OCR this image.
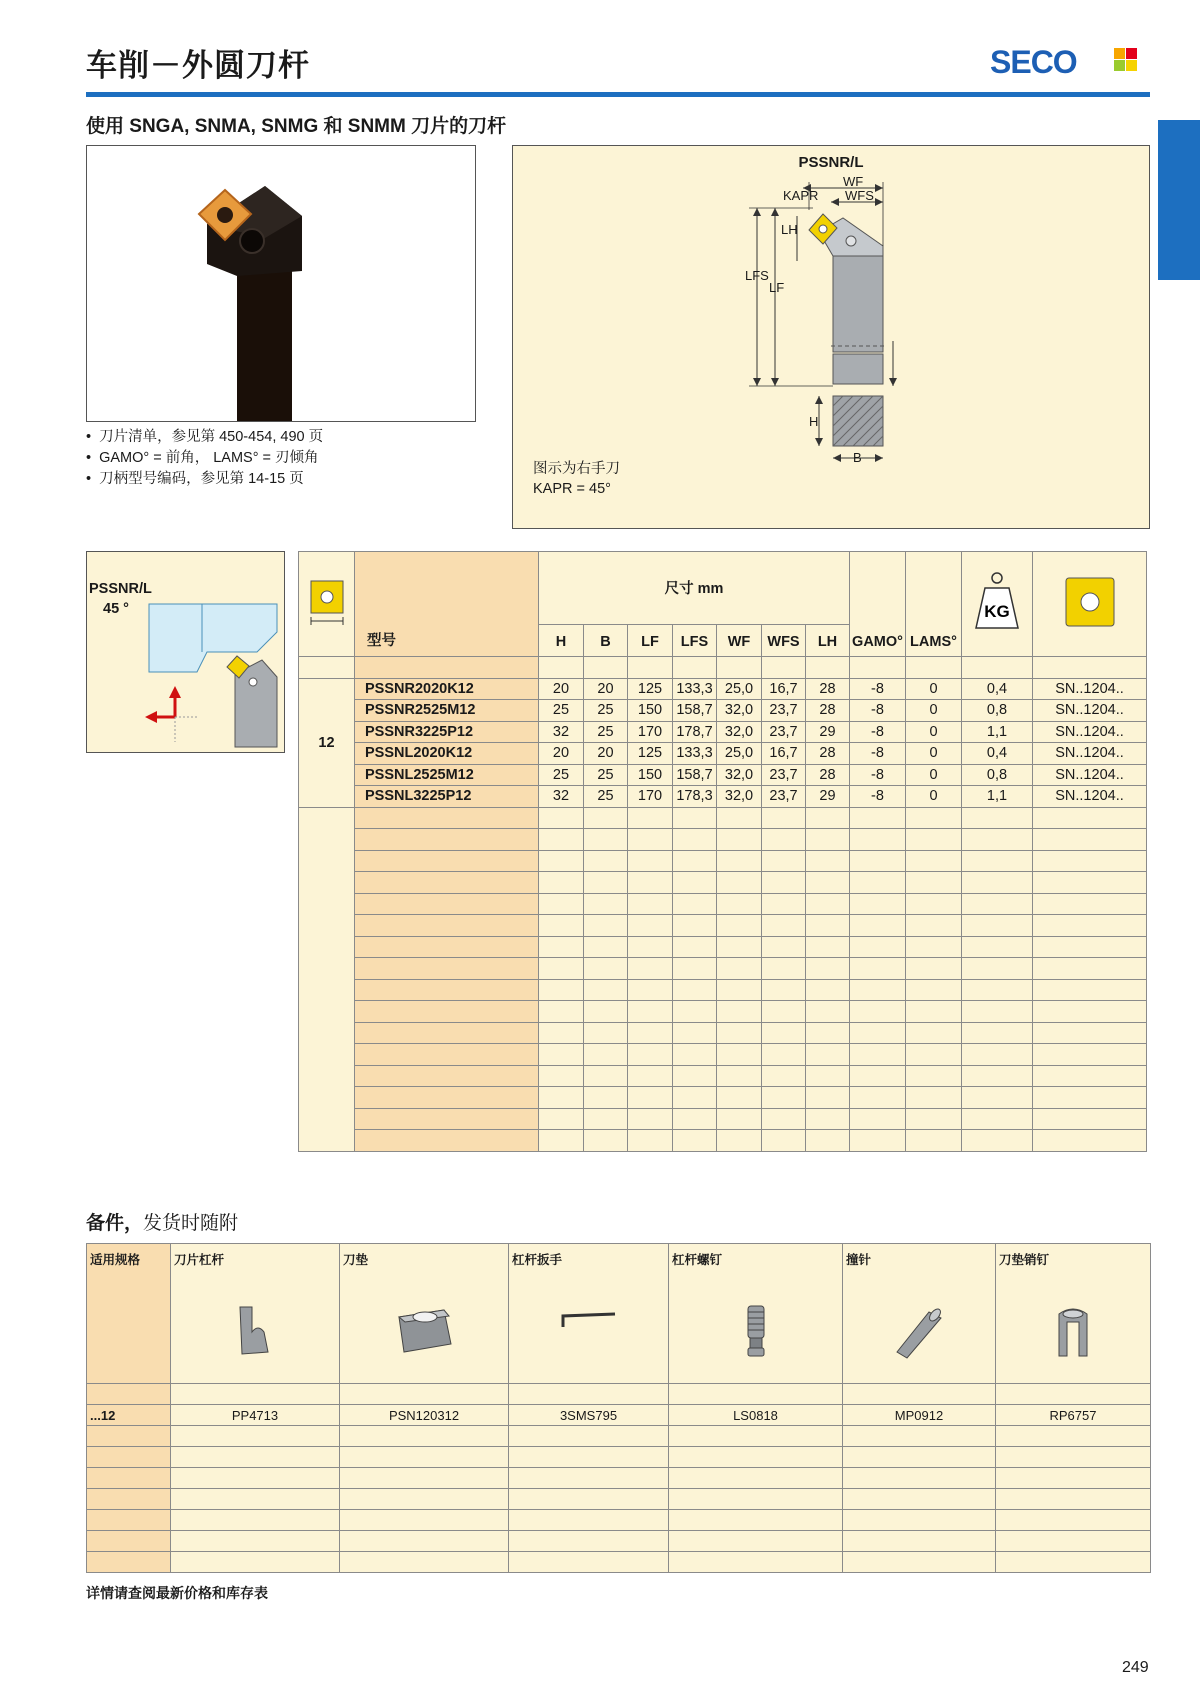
车削－外圆刀杆	SECO
使用 SNGA, SNMA, SNMG 和 SNMM 刀片的刀杆
• 刀片清单，参见第 450-454, 490 页
• GAMO° = 前角， LAMS° = 刃倾角
• 刀柄型号编码，参见第 14-15 页
PSSNR/L
WF
WFS
KAPR
LH
LFS
LF
H
B
图示为右手刀
KAPR = 45°
PSSNR/L
45 °
	型号	尺寸 mm							GAMO°	LAMS°	KG

		H	B	LF	LFS	WF	WFS	LH				

12	PSSNR2020K12	20	20	125	133,3	25,0	16,7	28	-8	0	0,4	SN..1204..
	PSSNR2525M12	25	25	150	158,7	32,0	23,7	28	-8	0	0,8	SN..1204..
	PSSNR3225P12	32	25	170	178,7	32,0	23,7	29	-8	0	1,1	SN..1204..
	PSSNL2020K12	20	20	125	133,3	25,0	16,7	28	-8	0	0,4	SN..1204..
	PSSNL2525M12	25	25	150	158,7	32,0	23,7	28	-8	0	0,8	SN..1204..
	PSSNL3225P12	32	25	170	178,3	32,0	23,7	29	-8	0	1,1	SN..1204..

备件，发货时随附
适用规格	刀片杠杆	刀垫	杠杆扳手	杠杆螺钉	撞针	刀垫销钉

...12	PP4713	PSN120312	3SMS795	LS0818	MP0912	RP6757

详情请查阅最新价格和库存表
249
